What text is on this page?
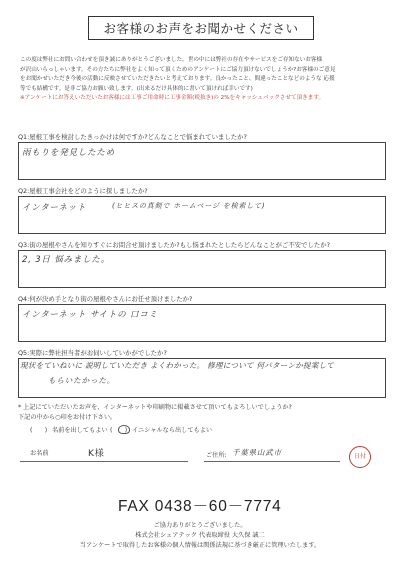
お客様のお声をお聞かせください
この度は弊社にお問い合わせを頂き誠にありがとうございました。世の中には弊社の存在やサービスをご存知ないお客様
が沢山いらっしゃいます。その方たちに弊社をよく知って頂くためのアンケートにご協力頂けないでしょうか?お客様のご意見
をお聞かせいただき今後の活動に反映させていただきたいと考えております。良かったこと、間違ったことなどのような 応援
等でも結構です。是非ご協力お願い致します。(出来るだけ具体的に書いて頂ければ幸いです)
※アンケートにお答えいただいたお客様には工事ご用命時に工事金額(税抜き)の 2%をキャッシュバックさせて頂きます。
Q1:屋根工事を検討したきっかけは何ですか?どんなことで悩まれていましたか?
雨もりを発見したため
Q2:屋根工事会社をどのように探しましたか?
インターネット	(ヒヒスの真剣で ホームページ を検索して)
Q3:街の屋根やさんを知りすぐにお問合せ頂けましたか?もし悩まれたとしたらどんなことがご不安でしたか?
2, 3日 悩みました。
Q4:何が決め手となり街の屋根やさんにお任せ頂けましたか?
インターネット サイトの 口コミ
Q5:実際に弊社担当者がお伺いしていかがでしたか?
現状をていねいに 説明していただき よくわかった。 修理について 何パターンか提案して
もらいたかった。
* 上記にていただいたお声を、インターネットや印刷物に掲載させて頂いてもよろしいでしょうか?
下記の中から○印をお付け下さい。
(　　) 名前を出してもよい (　　) イニシャルなら出してもよい
お名前	K様	ご住所: 千葉県山武市	日付
FAX 0438－60－7774
ご協力ありがとうございました。
株式会社シェアテック 代表取締役 大久保 誠二
当アンケートで取得したお客様の個人情報は関係法規に基づき厳正に管理いたします。
